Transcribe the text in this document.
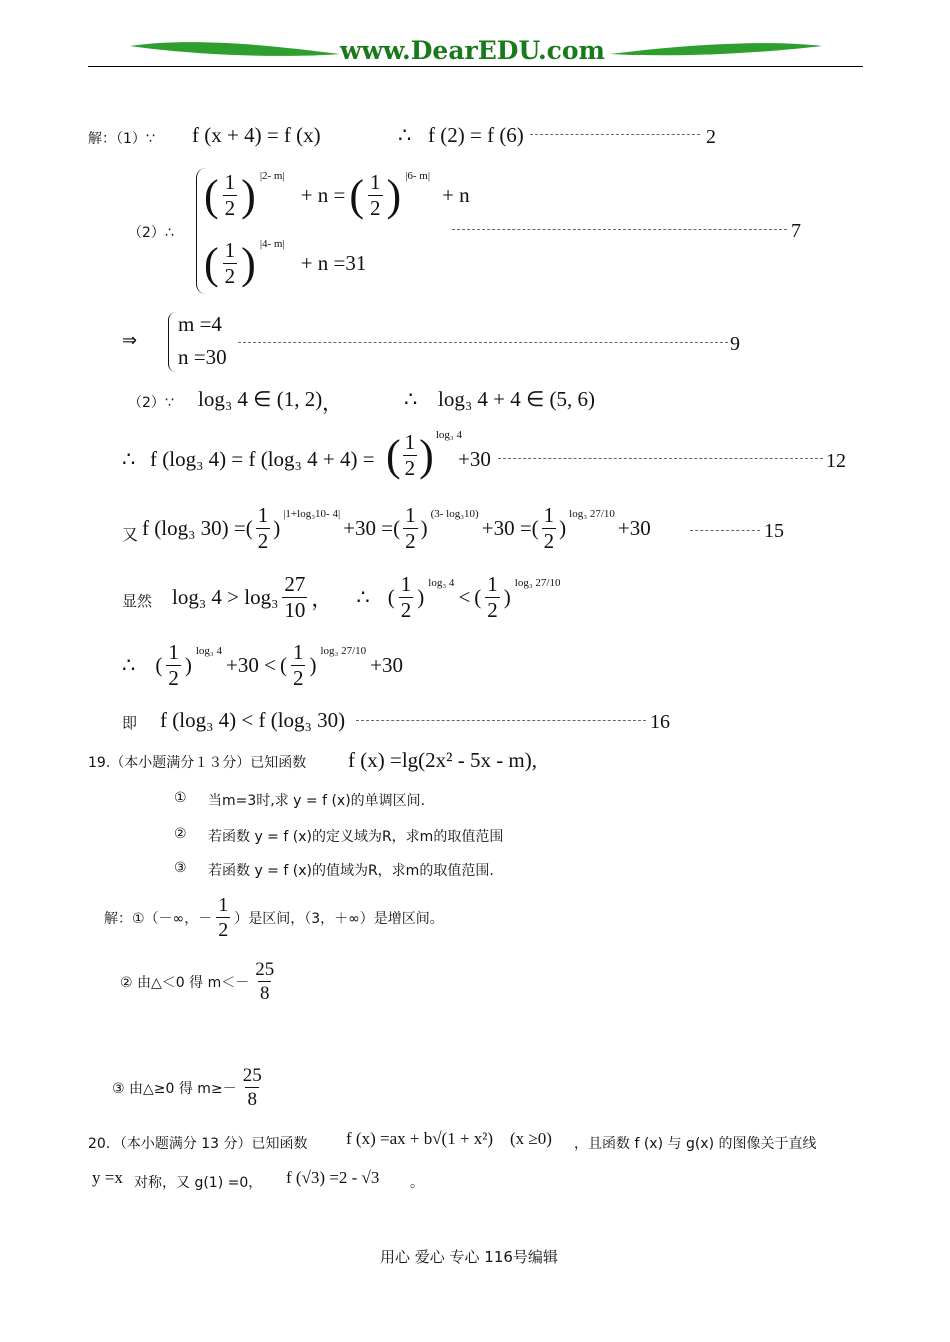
www.DearEDU.com
解：（1）∵ f (x + 4) = f (x)	∴ f (2) = f (6)	2
（2）∴
( $\frac{1}{2}$ ) $^{|2- m|}$
+ n = ( $\frac{1}{2}$ ) $^{|6- m|}$
+ n
( $\frac{1}{2}$ ) $^{|4- m|}$
+ n =31
7
⇒
m =4
n =30
9
（2）∵ log₃ 4 ∈ (1, 2) ，	∴ log₃ 4 + 4 ∈ (5, 6)
∴ f (log₃ 4) = f (log₃ 4 + 4) = ( $\frac{1}{2} )^{log_3 4}$
+30	12
又 f (log₃ 30) =( $\frac{1}{2}$ )
$^{|1+log_310- 4|}$
+30 =( $\frac{1}{2}$ )
$^{(3- log_310)}$
+30 =( $\frac{1}{2}$ )
$^{log_3 27/10}$
+30	15
显然 log₃ $4 > \log_3 \frac{27}{10}$ ， ∴ ( $\frac{1}{2}$ )
$^{log_3 4}$
< ( $\frac{1}{2}$ )
$^{log_3 27/10}$
∴ ( $\frac{1}{2}$ )
$^{log_3 4}$
+30 < ( $\frac{1}{2}$ )
$^{log_3 27/10}$
+30
即 f (log₃ 4) < f (log₃ 30)	16
19.（本小题满分１３分）已知函数 f (x) =lg(2x² - 5x - m),
① 当m=3时,求 y = f (x)的单调区间.
② 若函数 y = f (x)的定义域为R，求m的取值范围
③ 若函数 y = f (x)的值域为R，求m的取值范围.
解：①（－∞，－ $\frac{1}{2}$ ）是区间，（3，＋∞）是增区间。
② 由△＜0 得 $m<- \frac{25}{8}$
③ 由△≥0 得 $m\ge- \frac{25}{8}$
20．（本小题满分 13 分）已知函数 f (x) =ax + b√(1 + x²) (x ≥0) ，且函数 f (x) 与 g(x) 的图像关于直线
y =x 对称，又 g(1) =0， f (√3) =2 - √3 。
用心 爱心 专心 116号编辑
